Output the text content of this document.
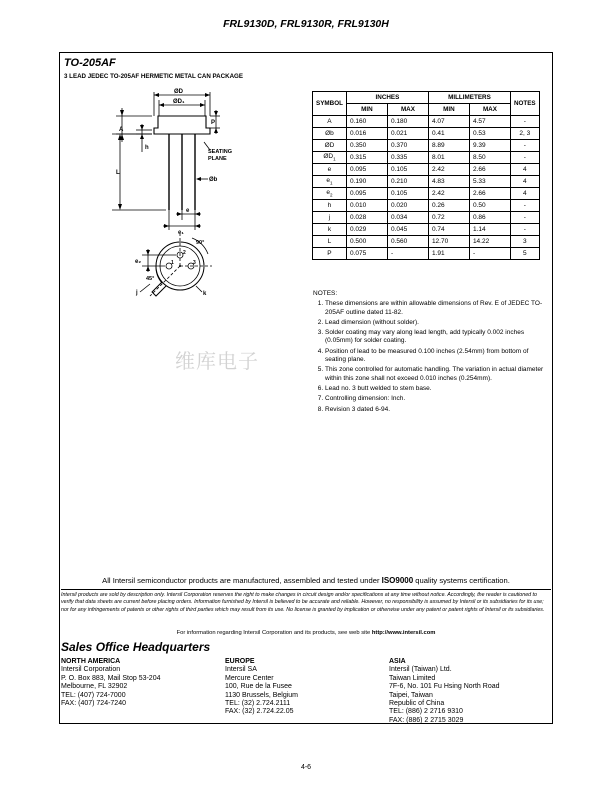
FRL9130D, FRL9130R, FRL9130H
TO-205AF
3 LEAD JEDEC TO-205AF HERMETIC METAL CAN PACKAGE
ØD
ØD₁
A
P
h
SEATING
PLANE
L
Øb
e
e₁
e₂
90°
45°
j	k
1
2
3
SYMBOL	INCHES		MILLIMETERS		NOTES
	MIN	MAX	MIN	MAX	
A	0.160	0.180	4.07	4.57	-
Øb	0.016	0.021	0.41	0.53	2, 3
ØD	0.350	0.370	8.89	9.39	-
$ØD_1$	0.315	0.335	8.01	8.50	-
e	0.095	0.105	2.42	2.66	4
$e_1$	0.190	0.210	4.83	5.33	4
$e_2$	0.095	0.105	2.42	2.66	4
h	0.010	0.020	0.26	0.50	-
j	0.028	0.034	0.72	0.86	-
k	0.029	0.045	0.74	1.14	-
L	0.500	0.560	12.70	14.22	3
P	0.075	-	1.91	-	5
NOTES:
1. These dimensions are within allowable dimensions of Rev. E of JEDEC TO-205AF outline dated 11-82.
2. Lead dimension (without solder).
3. Solder coating may vary along lead length, add typically 0.002 inches (0.05mm) for solder coating.
4. Position of lead to be measured 0.100 inches (2.54mm) from bottom of seating plane.
5. This zone controlled for automatic handling. The variation in actual diameter within this zone shall not exceed 0.010 inches (0.254mm).
6. Lead no. 3 butt welded to stem base.
7. Controlling dimension: Inch.
8. Revision 3 dated 6-94.
维库电子
All Intersil semiconductor products are manufactured, assembled and tested under ISO9000 quality systems certification.
Intersil products are sold by description only. Intersil Corporation reserves the right to make changes in circuit design and/or specifications at any time without notice. Accordingly, the reader is cautioned to verify that data sheets are current before placing orders. Information furnished by Intersil is believed to be accurate and reliable. However, no responsibility is assumed by Intersil or its subsidiaries for its use; nor for any infringements of patents or other rights of third parties which may result from its use. No license is granted by implication or otherwise under any patent or patent rights of Intersil or its subsidiaries.
For information regarding Intersil Corporation and its products, see web site http://www.intersil.com
Sales Office Headquarters
NORTH AMERICA
Intersil Corporation
P. O. Box 883, Mail Stop 53-204
Melbourne, FL 32902
TEL: (407) 724-7000
FAX: (407) 724-7240
EUROPE
Intersil SA
Mercure Center
100, Rue de la Fusee
1130 Brussels, Belgium
TEL: (32) 2.724.2111
FAX: (32) 2.724.22.05
ASIA
Intersil (Taiwan) Ltd.
Taiwan Limited
7F-6, No. 101 Fu Hsing North Road
Taipei, Taiwan
Republic of China
TEL: (886) 2 2716 9310
FAX: (886) 2 2715 3029
4-6
